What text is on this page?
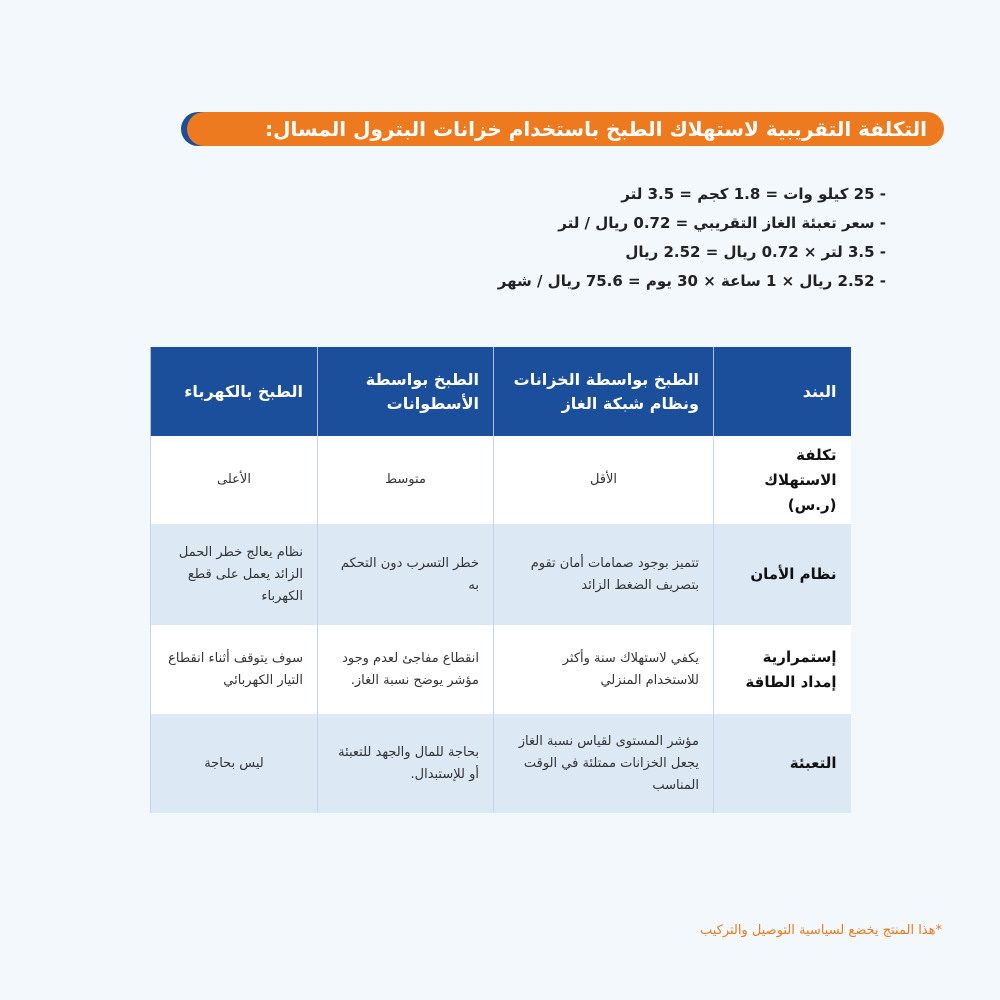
التكلفة التقريبية لاستهلاك الطبخ باستخدام خزانات البترول المسال:
- 25 كيلو وات = 1.8 كجم = 3.5 لتر
- سعر تعبئة الغاز التقريبي = 0.72 ريال / لتر
- 3.5 لتر × 0.72 ريال = 2.52 ريال
- 2.52 ريال × 1 ساعة × 30 يوم = 75.6 ريال / شهر
البند	الطبخ بواسطة الخزانات ونظام شبكة الغاز	الطبخ بواسطة الأسطوانات	الطبخ بالكهرباء
تكلفة الاستهلاك (ر.س)	الأقل	متوسط	الأعلى
نظام الأمان	تتميز بوجود صمامات أمان تقوم بتصريف الضغط الزائد	خطر التسرب دون التحكم به	نظام يعالج خطر الحمل الزائد يعمل على قطع الكهرباء
إستمرارية إمداد الطاقة	يكفي لاستهلاك سنة وأكثر للاستخدام المنزلي	انقطاع مفاجئ لعدم وجود مؤشر يوضح نسبة الغاز.	سوف يتوقف أثناء انقطاع التيار الكهربائي
التعبئة	مؤشر المستوى لقياس نسبة الغاز يجعل الخزانات ممتلئة في الوقت المناسب	بحاجة للمال والجهد للتعبئة أو للإستبدال.	ليس بحاجة
*هذا المنتج يخضع لسياسية التوصيل والتركيب
